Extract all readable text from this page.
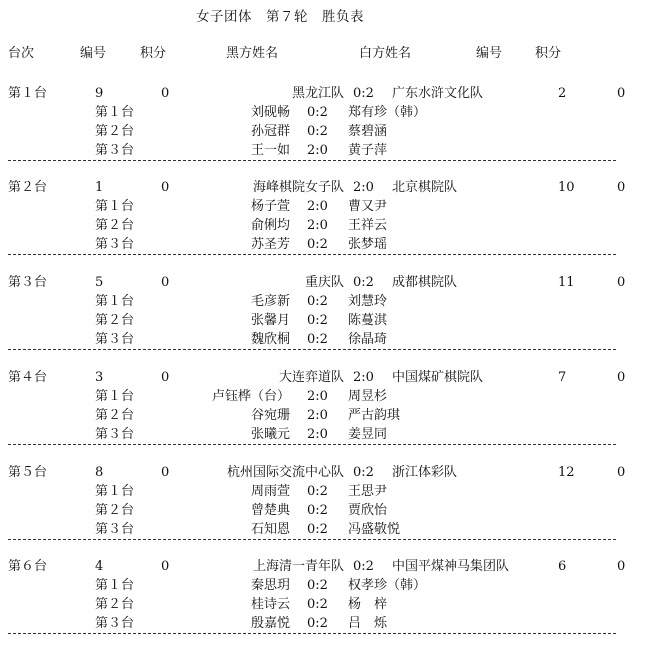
女子团体　第７轮　胜负表
台次	编号	积分	黑方姓名	白方姓名	编号	积分
第１台	9	0	黑龙江队 0:2 广东水浒文化队	2	0
第１台	刘砚畅 0:2 郑有珍（韩）
第２台	孙冠群 0:2 蔡碧涵
第３台	王一如 2:0 黄子萍
第２台	1	0	海峰棋院女子队 2:0 北京棋院队	10	0
第１台	杨子萱 2:0 曹又尹
第２台	俞俐均 2:0 王祥云
第３台	苏圣芳 0:2 张梦瑶
第３台	5	0	重庆队 0:2 成都棋院队	11	0
第１台	毛彦新 0:2 刘慧玲
第２台	张馨月 0:2 陈蔓淇
第３台	魏欣桐 0:2 徐晶琦
第４台	3	0	大连弈道队 2:0 中国煤矿棋院队	7	0
第１台	卢钰桦（台） 2:0 周昱杉
第２台	谷宛珊 2:0 严古韵琪
第３台	张曦元 2:0 姜昱同
第５台	8	0	杭州国际交流中心队 0:2 浙江体彩队	12	0
第１台	周雨萱 0:2 王思尹
第２台	曾楚典 0:2 贾欣怡
第３台	石知恩 0:2 冯盛敬悦
第６台	4	0	上海清一青年队 0:2 中国平煤神马集团队	6	0
第１台	秦思玥 0:2 权孝珍（韩）
第２台	桂诗云 0:2 杨　梓
第３台	殷嘉悦 0:2 吕　烁
